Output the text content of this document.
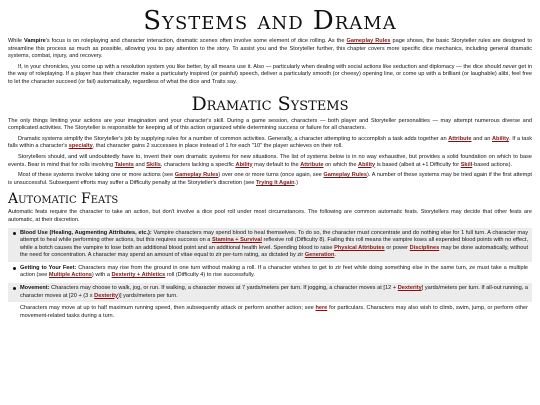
Systems and Drama

While Vampire's focus is on roleplaying and character interaction, dramatic scenes often involve some element of dice rolling. As the Gameplay Rules page shows, the basic Storyteller rules are designed to streamline this process as much as possible, allowing you to pay attention to the story. To assist you and the Storyteller further, this chapter covers more specific dice mechanics, including general dramatic systems, combat, injury, and recovery.

If, in your chronicles, you come up with a resolution system you like better, by all means use it. Also — particularly when dealing with social actions like seduction and diplomacy — the dice should never get in the way of roleplaying. If a player has their character make a particularly inspired (or painful) speech, deliver a particularly smooth (or cheesy) opening line, or come up with a brilliant (or laughable) alibi, feel free to let the character succeed (or fail) automatically, regardless of what the dice and Traits say.

Dramatic Systems

The only things limiting your actions are your imagination and your character's skill. During a game session, characters — both player and Storyteller personalities — may attempt numerous diverse and complicated activities. The Storyteller is responsible for keeping all of this action organized while determining success or failure for all characters.

Dramatic systems simplify the Storyteller's job by supplying rules for a number of common activities. Generally, a character attempting to accomplish a task adds together an Attribute and an Ability. If a task falls within a character's specialty, that character gains 2 successes in place instead of 1 for each "10" the player achieves on their roll.

Storytellers should, and will undoubtedly have to, invent their own dramatic systems for new situations. The list of systems below is in no way exhaustive, but provides a solid foundation on which to base events. Bear in mind that for rolls involving Talents and Skills, characters lacking a specific Ability may default to the Attribute on which the Ability is based (albeit at +1 Difficulty for Skill-based actions).

Most of these systems involve taking one or more actions (see Gameplay Rules) over one or more turns (once again, see Gameplay Rules). A number of these systems may be tried again if the first attempt is unsuccessful. Subsequent efforts may suffer a Difficulty penalty at the Storyteller's discretion (see Trying It Again.)

Automatic Feats

Automatic feats require the character to take an action, but don't involve a dice pool roll under most circumstances. The following are common automatic feats. Storytellers may decide that other feats are automatic, at their discretion.

Blood Use (Healing, Augmenting Attributes, etc.): Vampire characters may spend blood to heal themselves. To do so, the character must concentrate and do nothing else for 1 full turn. A character may attempt to heal while performing other actions, but this requires success on a Stamina + Survival reflexive roll (Difficulty 8). Failing this roll means the vampire loses all expended blood points with no effect, while a botch causes the vampire to lose both an additional blood point and an additional health level. Spending blood to raise Physical Attributes or power Disciplines may be done automatically, without the need for concentration. A character may spend an amount of vitae equal to zir per-turn rating, as dictated by zir Generation.
Getting to Your Feet: Characters may rise from the ground in one turn without making a roll. If a character wishes to get to zir feet while doing something else in the same turn, ze must take a multiple action (see Multiple Actions) with a Dexterity + Athletics roll (Difficulty 4) to rise successfully.
Movement: Characters may choose to walk, jog, or run. If walking, a character moves at 7 yards/meters per turn. If jogging, a character moves at [12 + Dexterity] yards/meters per turn. If all-out running, a character moves at [20 + (3 x Dexterity)] yards/meters per turn.
Characters may move at up to half maximum running speed, then subsequently attack or perform another action; see here for particulars. Characters may also wish to climb, swim, jump, or perform other movement-related tasks during a turn.
